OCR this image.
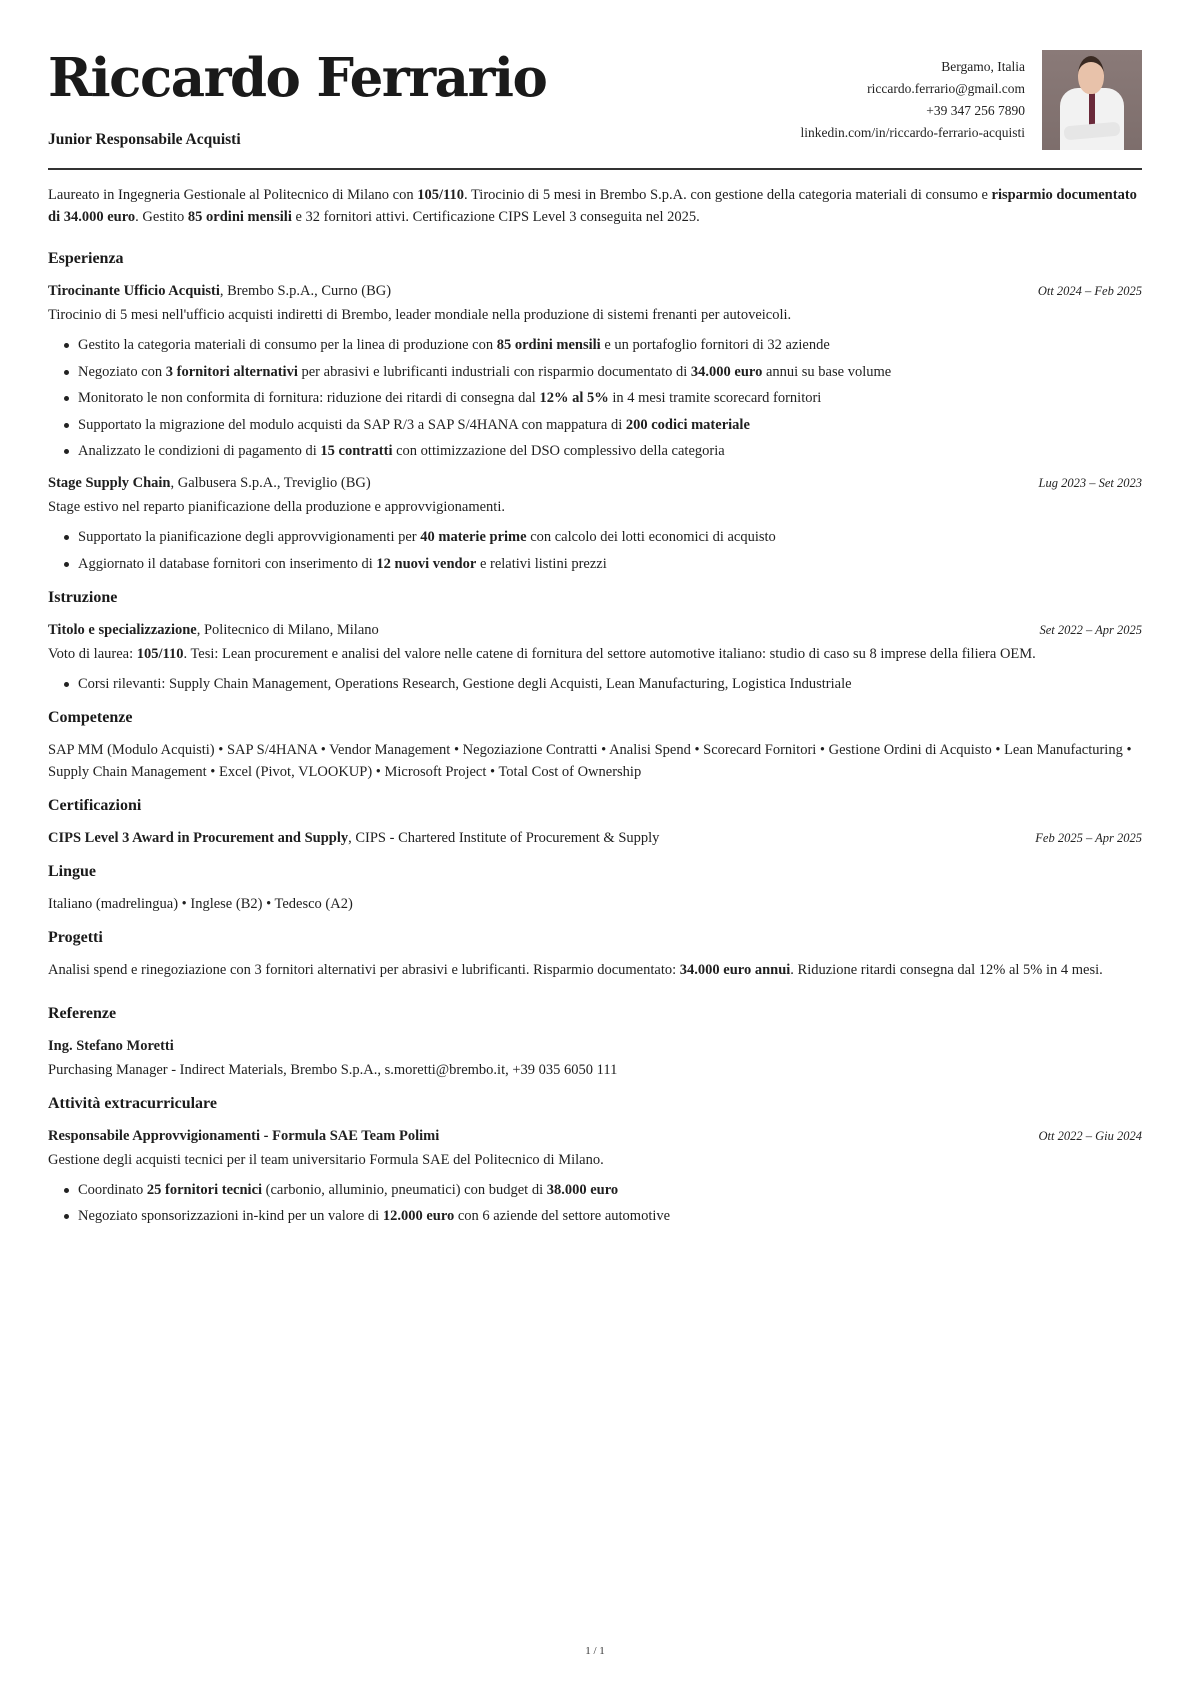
Riccardo Ferrario
Junior Responsabile Acquisti
Bergamo, Italia
riccardo.ferrario@gmail.com
+39 347 256 7890
linkedin.com/in/riccardo-ferrario-acquisti

Laureato in Ingegneria Gestionale al Politecnico di Milano con 105/110. Tirocinio di 5 mesi in Brembo S.p.A. con gestione della categoria materiali di consumo e risparmio documentato di 34.000 euro. Gestito 85 ordini mensili e 32 fornitori attivi. Certificazione CIPS Level 3 conseguita nel 2025.

Esperienza
Tirocinante Ufficio Acquisti, Brembo S.p.A., Curno (BG)	Ott 2024 – Feb 2025
Tirocinio di 5 mesi nell'ufficio acquisti indiretti di Brembo, leader mondiale nella produzione di sistemi frenanti per autoveicoli.
Gestito la categoria materiali di consumo per la linea di produzione con 85 ordini mensili e un portafoglio fornitori di 32 aziende
Negoziato con 3 fornitori alternativi per abrasivi e lubrificanti industriali con risparmio documentato di 34.000 euro annui su base volume
Monitorato le non conformita di fornitura: riduzione dei ritardi di consegna dal 12% al 5% in 4 mesi tramite scorecard fornitori
Supportato la migrazione del modulo acquisti da SAP R/3 a SAP S/4HANA con mappatura di 200 codici materiale
Analizzato le condizioni di pagamento di 15 contratti con ottimizzazione del DSO complessivo della categoria
Stage Supply Chain, Galbusera S.p.A., Treviglio (BG)	Lug 2023 – Set 2023
Stage estivo nel reparto pianificazione della produzione e approvvigionamenti.
Supportato la pianificazione degli approvvigionamenti per 40 materie prime con calcolo dei lotti economici di acquisto
Aggiornato il database fornitori con inserimento di 12 nuovi vendor e relativi listini prezzi
Istruzione
Titolo e specializzazione, Politecnico di Milano, Milano	Set 2022 – Apr 2025
Voto di laurea: 105/110. Tesi: Lean procurement e analisi del valore nelle catene di fornitura del settore automotive italiano: studio di caso su 8 imprese della filiera OEM.
Corsi rilevanti: Supply Chain Management, Operations Research, Gestione degli Acquisti, Lean Manufacturing, Logistica Industriale
Competenze
SAP MM (Modulo Acquisti) • SAP S/4HANA • Vendor Management • Negoziazione Contratti • Analisi Spend • Scorecard Fornitori • Gestione Ordini di Acquisto • Lean Manufacturing • Supply Chain Management • Excel (Pivot, VLOOKUP) • Microsoft Project • Total Cost of Ownership
Certificazioni
CIPS Level 3 Award in Procurement and Supply, CIPS - Chartered Institute of Procurement & Supply	Feb 2025 – Apr 2025
Lingue
Italiano (madrelingua) • Inglese (B2) • Tedesco (A2)
Progetti

Analisi spend e rinegoziazione con 3 fornitori alternativi per abrasivi e lubrificanti. Risparmio documentato: 34.000 euro annui. Riduzione ritardi consegna dal 12% al 5% in 4 mesi.

Referenze
Ing. Stefano Moretti
Purchasing Manager - Indirect Materials, Brembo S.p.A., s.moretti@brembo.it, +39 035 6050 111
Attività extracurriculare
Responsabile Approvvigionamenti - Formula SAE Team Polimi	Ott 2022 – Giu 2024
Gestione degli acquisti tecnici per il team universitario Formula SAE del Politecnico di Milano.
Coordinato 25 fornitori tecnici (carbonio, alluminio, pneumatici) con budget di 38.000 euro
Negoziato sponsorizzazioni in-kind per un valore di 12.000 euro con 6 aziende del settore automotive
1 / 1
